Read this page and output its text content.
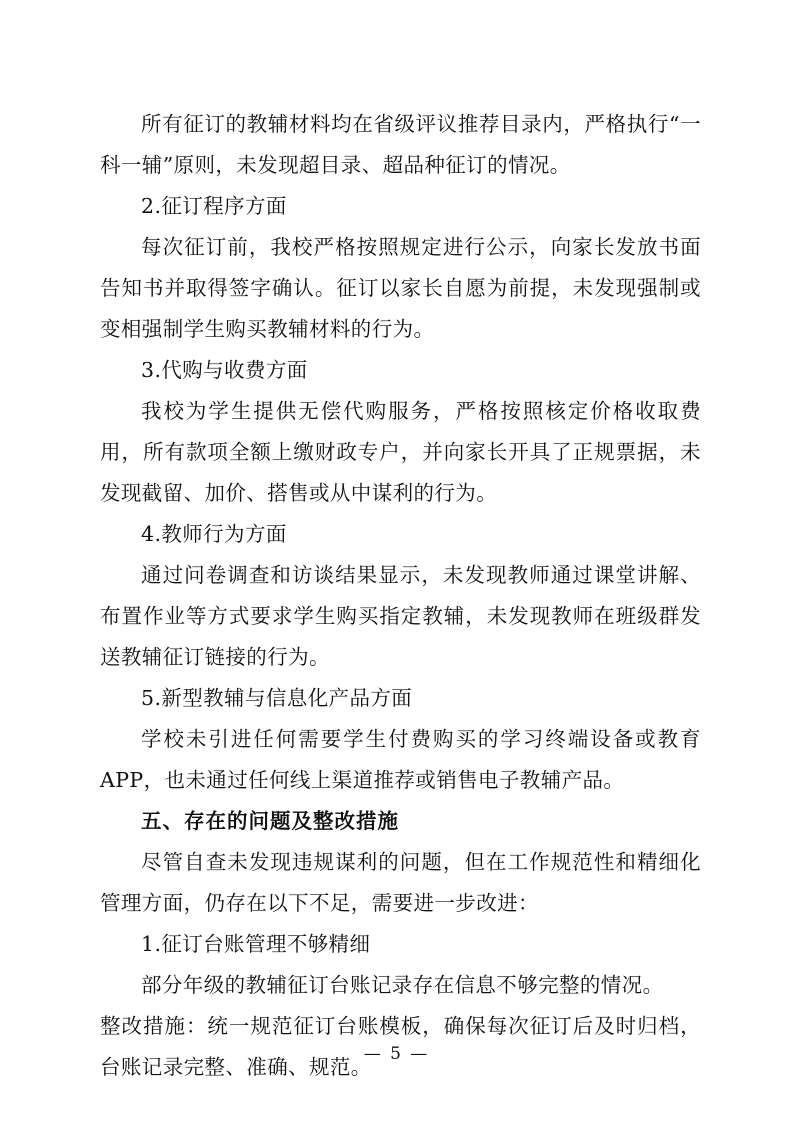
所有征订的教辅材料均在省级评议推荐目录内，严格执行“一科一辅”原则，未发现超目录、超品种征订的情况。

2.征订程序方面

每次征订前，我校严格按照规定进行公示，向家长发放书面告知书并取得签字确认。征订以家长自愿为前提，未发现强制或变相强制学生购买教辅材料的行为。

3.代购与收费方面

我校为学生提供无偿代购服务，严格按照核定价格收取费用，所有款项全额上缴财政专户，并向家长开具了正规票据，未发现截留、加价、搭售或从中谋利的行为。

4.教师行为方面

通过问卷调查和访谈结果显示，未发现教师通过课堂讲解、布置作业等方式要求学生购买指定教辅，未发现教师在班级群发送教辅征订链接的行为。

5.新型教辅与信息化产品方面

学校未引进任何需要学生付费购买的学习终端设备或教育APP，也未通过任何线上渠道推荐或销售电子教辅产品。

五、存在的问题及整改措施

尽管自查未发现违规谋利的问题，但在工作规范性和精细化管理方面，仍存在以下不足，需要进一步改进：

1.征订台账管理不够精细

部分年级的教辅征订台账记录存在信息不够完整的情况。

整改措施：统一规范征订台账模板，确保每次征订后及时归档，台账记录完整、准确、规范。

— 5 —
